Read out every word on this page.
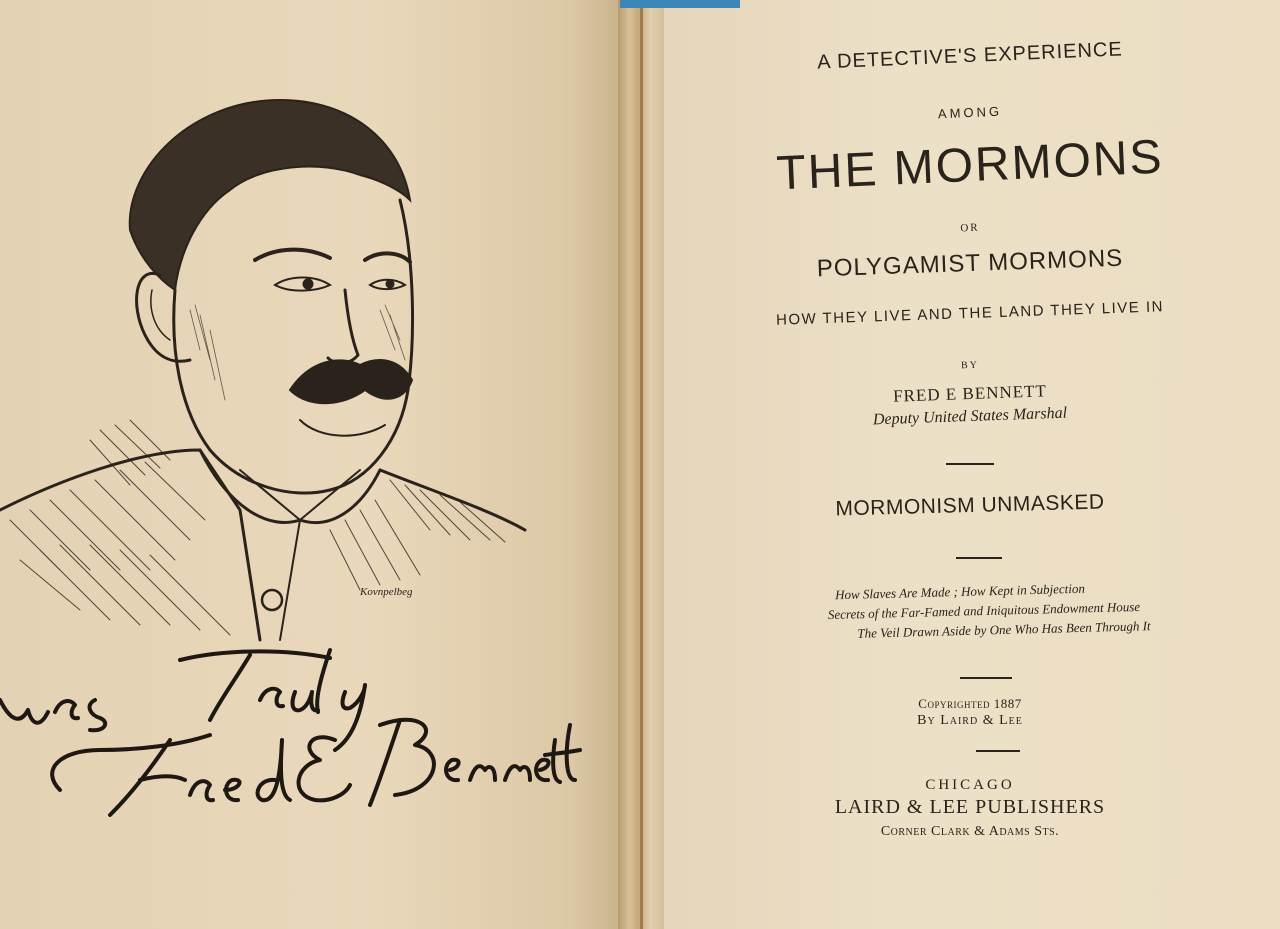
Kovnpelbeg
A DETECTIVE'S EXPERIENCE
AMONG
THE MORMONS
OR
POLYGAMIST MORMONS
HOW THEY LIVE AND THE LAND THEY LIVE IN
BY
FRED E BENNETT
Deputy United States Marshal
MORMONISM UNMASKED
How Slaves Are Made ; How Kept in Subjection
Secrets of the Far-Famed and Iniquitous Endowment House
The Veil Drawn Aside by One Who Has Been Through It
Copyrighted 1887
By Laird & Lee
CHICAGO
LAIRD & LEE PUBLISHERS
Corner Clark & Adams Sts.
